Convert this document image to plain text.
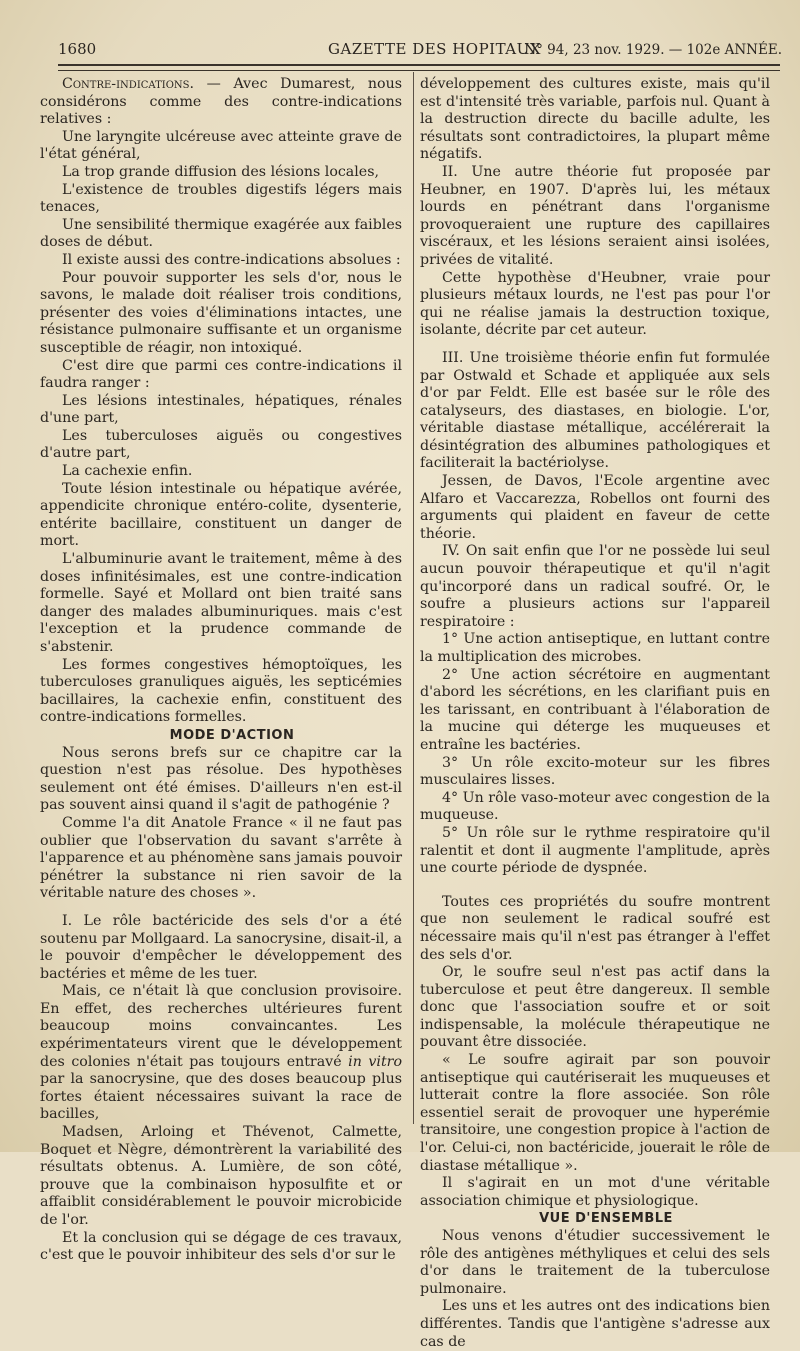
1680	GAZETTE DES HOPITAUX
N° 94, 23 nov. 1929. — 102e ANNÉE.

Contre-indications. — Avec Dumarest, nous considérons comme des contre-indications relatives :

Une laryngite ulcéreuse avec atteinte grave de l'état général,

La trop grande diffusion des lésions locales,

L'existence de troubles digestifs légers mais tenaces,

Une sensibilité thermique exagérée aux faibles doses de début.

Il existe aussi des contre-indications absolues :

Pour pouvoir supporter les sels d'or, nous le savons, le malade doit réaliser trois conditions, présenter des voies d'éliminations intactes, une résistance pulmonaire suffisante et un organisme susceptible de réagir, non intoxiqué.

C'est dire que parmi ces contre-indications il faudra ranger :

Les lésions intestinales, hépatiques, rénales d'une part,

Les tuberculoses aiguës ou congestives d'autre part,

La cachexie enfin.

Toute lésion intestinale ou hépatique avérée, appendicite chronique entéro-colite, dysenterie, entérite bacillaire, constituent un danger de mort.

L'albuminurie avant le traitement, même à des doses infinitésimales, est une contre-indication formelle. Sayé et Mollard ont bien traité sans danger des malades albuminuriques. mais c'est l'exception et la prudence commande de s'abstenir.

Les formes congestives hémoptoïques, les tuberculoses granuliques aiguës, les septicémies bacillaires, la cachexie enfin, constituent des contre-indications formelles.

MODE D'ACTION

Nous serons brefs sur ce chapitre car la question n'est pas résolue. Des hypothèses seulement ont été émises. D'ailleurs n'en est-il pas souvent ainsi quand il s'agit de pathogénie ?

Comme l'a dit Anatole France « il ne faut pas oublier que l'observation du savant s'arrête à l'apparence et au phénomène sans jamais pouvoir pénétrer la substance ni rien savoir de la véritable nature des choses ».

I. Le rôle bactéricide des sels d'or a été soutenu par Mollgaard. La sanocrysine, disait-il, a le pouvoir d'empêcher le développement des bactéries et même de les tuer.

Mais, ce n'était là que conclusion provisoire. En effet, des recherches ultérieures furent beaucoup moins convaincantes. Les expérimentateurs virent que le développement des colonies n'était pas toujours entravé in vitro par la sanocrysine, que des doses beaucoup plus fortes étaient nécessaires suivant la race de bacilles,

Madsen, Arloing et Thévenot, Calmette, Boquet et Nègre, démontrèrent la variabilité des résultats obtenus. A. Lumière, de son côté, prouve que la combinaison hyposulfite et or affaiblit considérablement le pouvoir microbicide de l'or.

Et la conclusion qui se dégage de ces travaux, c'est que le pouvoir inhibiteur des sels d'or sur le

développement des cultures existe, mais qu'il est d'intensité très variable, parfois nul. Quant à la destruction directe du bacille adulte, les résultats sont contradictoires, la plupart même négatifs.

II. Une autre théorie fut proposée par Heubner, en 1907. D'après lui, les métaux lourds en pénétrant dans l'organisme provoqueraient une rupture des capillaires viscéraux, et les lésions seraient ainsi isolées, privées de vitalité.

Cette hypothèse d'Heubner, vraie pour plusieurs métaux lourds, ne l'est pas pour l'or qui ne réalise jamais la destruction toxique, isolante, décrite par cet auteur.

III. Une troisième théorie enfin fut formulée par Ostwald et Schade et appliquée aux sels d'or par Feldt. Elle est basée sur le rôle des catalyseurs, des diastases, en biologie. L'or, véritable diastase métallique, accélérerait la désintégration des albumines pathologiques et faciliterait la bactériolyse.

Jessen, de Davos, l'Ecole argentine avec Alfaro et Vaccarezza, Robellos ont fourni des arguments qui plaident en faveur de cette théorie.

IV. On sait enfin que l'or ne possède lui seul aucun pouvoir thérapeutique et qu'il n'agit qu'incorporé dans un radical soufré. Or, le soufre a plusieurs actions sur l'appareil respiratoire :

1° Une action antiseptique, en luttant contre la multiplication des microbes.

2° Une action sécrétoire en augmentant d'abord les sécrétions, en les clarifiant puis en les tarissant, en contribuant à l'élaboration de la mucine qui déterge les muqueuses et entraîne les bactéries.

3° Un rôle excito-moteur sur les fibres musculaires lisses.

4° Un rôle vaso-moteur avec congestion de la muqueuse.

5° Un rôle sur le rythme respiratoire qu'il ralentit et dont il augmente l'amplitude, après une courte période de dyspnée.

Toutes ces propriétés du soufre montrent que non seulement le radical soufré est nécessaire mais qu'il n'est pas étranger à l'effet des sels d'or.

Or, le soufre seul n'est pas actif dans la tuberculose et peut être dangereux. Il semble donc que l'association soufre et or soit indispensable, la molécule thérapeutique ne pouvant être dissociée.

« Le soufre agirait par son pouvoir antiseptique qui cautériserait les muqueuses et lutterait contre la flore associée. Son rôle essentiel serait de provoquer une hyperémie transitoire, une congestion propice à l'action de l'or. Celui-ci, non bactéricide, jouerait le rôle de diastase métallique ».

Il s'agirait en un mot d'une véritable association chimique et physiologique.

VUE D'ENSEMBLE

Nous venons d'étudier successivement le rôle des antigènes méthyliques et celui des sels d'or dans le traitement de la tuberculose pulmonaire.

Les uns et les autres ont des indications bien différentes. Tandis que l'antigène s'adresse aux cas de
